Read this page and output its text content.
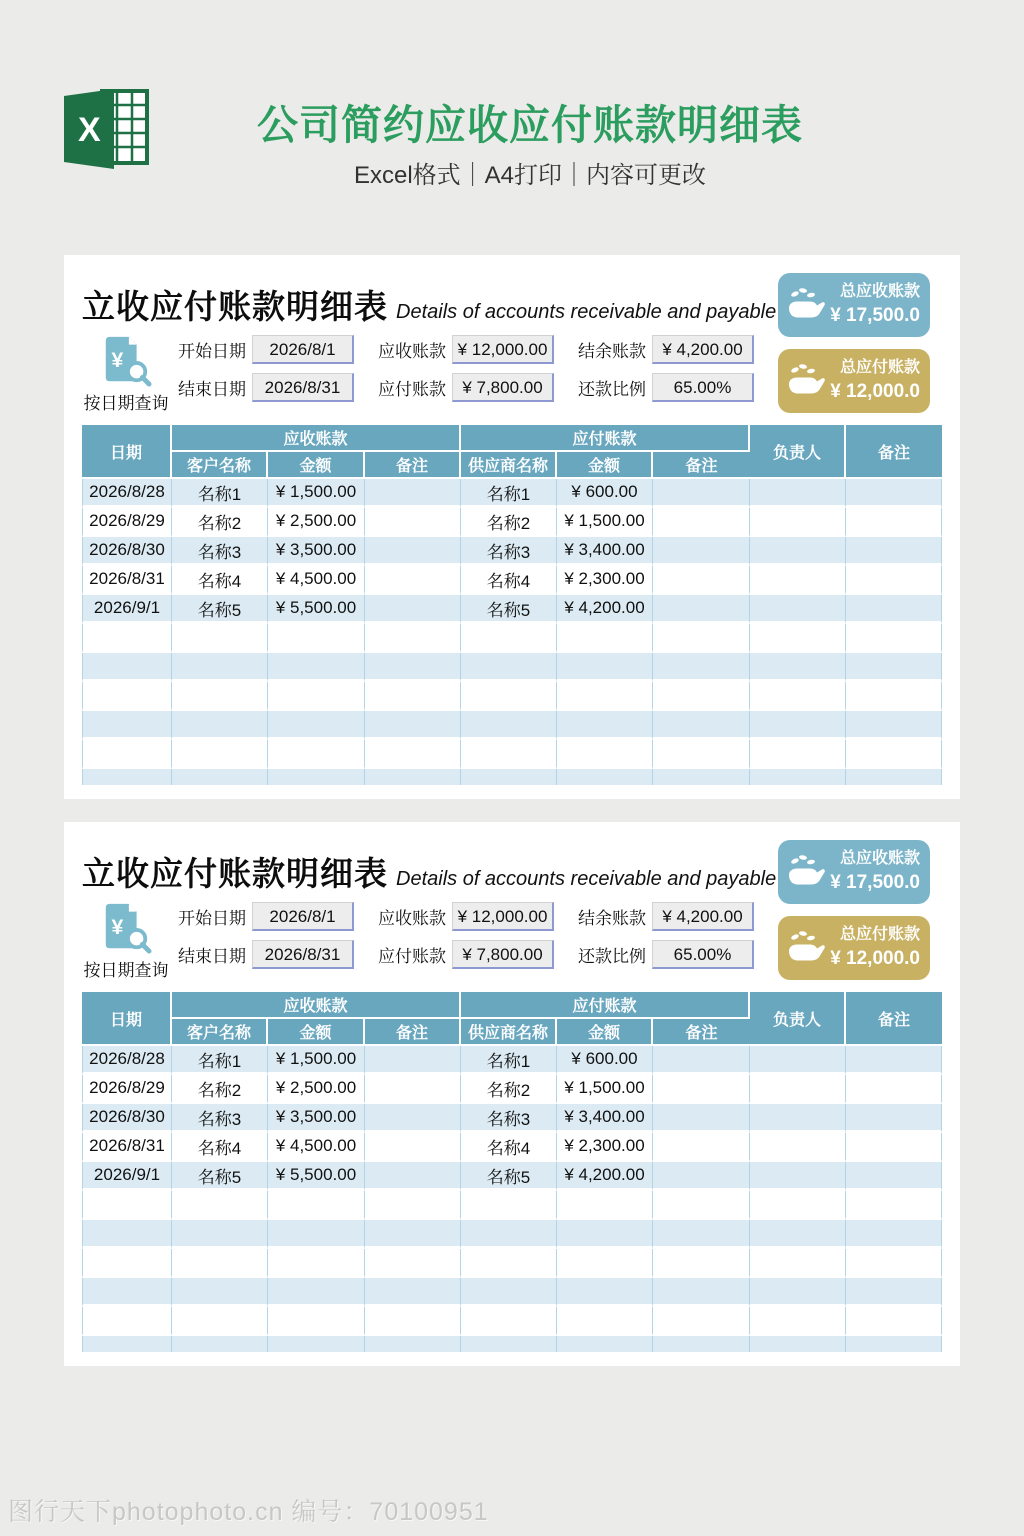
X	公司简约应收应付账款明细表

Excel格式｜A4打印｜内容可更改

立收应付账款明细表 Details of accounts receivable and payable
总应收账款
¥ 17,500.0
总应付账款
¥ 12,000.0
¥
按日期查询
开始日期	2026/8/1	应收账款 ¥ 12,000.00	结余账款 ¥ 4,200.00
结束日期	2026/8/31	应付账款 ¥ 7,800.00	还款比例	65.00%
日期	应收账款			应付账款			负责人	备注
	客户名称	金额	备注	供应商名称	金额	备注		
2026/8/28	名称1	¥ 1,500.00		名称1	¥ 600.00			
2026/8/29	名称2	¥ 2,500.00		名称2	¥ 1,500.00			
2026/8/30	名称3	¥ 3,500.00		名称3	¥ 3,400.00			
2026/8/31	名称4	¥ 4,500.00		名称4	¥ 2,300.00			
2026/9/1	名称5	¥ 5,500.00		名称5	¥ 4,200.00			

立收应付账款明细表 Details of accounts receivable and payable
总应收账款
¥ 17,500.0
总应付账款
¥ 12,000.0
¥
按日期查询
开始日期	2026/8/1	应收账款 ¥ 12,000.00	结余账款 ¥ 4,200.00
结束日期	2026/8/31	应付账款 ¥ 7,800.00	还款比例	65.00%
日期	应收账款			应付账款			负责人	备注
	客户名称	金额	备注	供应商名称	金额	备注		
2026/8/28	名称1	¥ 1,500.00		名称1	¥ 600.00			
2026/8/29	名称2	¥ 2,500.00		名称2	¥ 1,500.00			
2026/8/30	名称3	¥ 3,500.00		名称3	¥ 3,400.00			
2026/8/31	名称4	¥ 4,500.00		名称4	¥ 2,300.00			
2026/9/1	名称5	¥ 5,500.00		名称5	¥ 4,200.00			

图行天下photophoto.cn 编号：70100951
